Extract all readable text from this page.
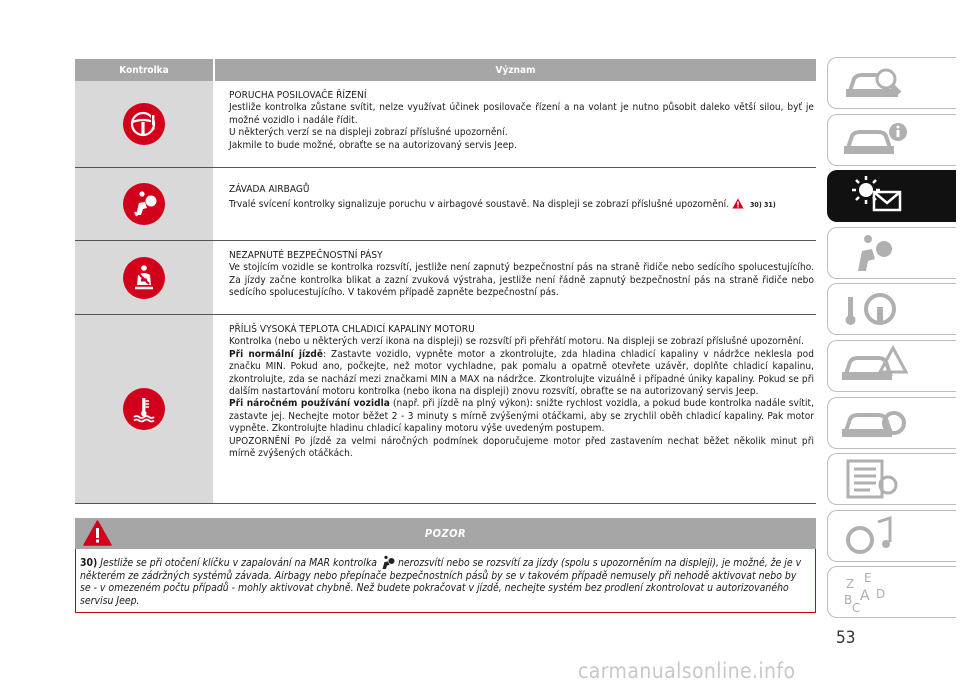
Kontrolka	Význam
PORUCHA POSILOVAČE ŘÍZENÍ

Jestliže kontrolka zůstane svítit, nelze využívat účinek posilovače řízení a na volant je nutno působit daleko větší silou, byť je možné vozidlo i nadále řídit.

U některých verzí se na displeji zobrazí příslušné upozornění.

Jakmile to bude možné, obraťte se na autorizovaný servis Jeep.

ZÁVADA AIRBAGŮ

Trvalé svícení kontrolky signalizuje poruchu v airbagové soustavě. Na displeji se zobrazí příslušné upozornění.	30) 31)

NEZAPNUTÉ BEZPEČNOSTNÍ PÁSY

Ve stojícím vozidle se kontrolka rozsvítí, jestliže není zapnutý bezpečnostní pás na straně řidiče nebo sedícího spolucestujícího. Za jízdy začne kontrolka blikat a zazní zvuková výstraha, jestliže není řádně zapnutý bezpečnostní pás na straně řidiče nebo sedícího spolucestujícího. V takovém případě zapněte bezpečnostní pás.

PŘÍLIŠ VYSOKÁ TEPLOTA CHLADICÍ KAPALINY MOTORU

Kontrolka (nebo u některých verzí ikona na displeji) se rozsvítí při přehřátí motoru. Na displeji se zobrazí příslušné upozornění.

Při normální jízdě: Zastavte vozidlo, vypněte motor a zkontrolujte, zda hladina chladicí kapaliny v nádržce neklesla pod značku MIN. Pokud ano, počkejte, než motor vychladne, pak pomalu a opatrně otevřete uzávěr, doplňte chladicí kapalinu, zkontrolujte, zda se nachází mezi značkami MIN a MAX na nádržce. Zkontrolujte vizuálně i případné úniky kapaliny. Pokud se při dalším nastartování motoru kontrolka (nebo ikona na displeji) znovu rozsvítí, obraťte se na autorizovaný servis Jeep.

Při náročném používání vozidla (např. při jízdě na plný výkon): snižte rychlost vozidla, a pokud bude kontrolka nadále svítit, zastavte jej. Nechejte motor běžet 2 - 3 minuty s mírně zvýšenými otáčkami, aby se zrychlil oběh chladicí kapaliny. Pak motor vypněte. Zkontrolujte hladinu chladicí kapaliny motoru výše uvedeným postupem.

UPOZORNĚNÍ Po jízdě za velmi náročných podmínek doporučujeme motor před zastavením nechat běžet několik minut při mírně zvýšených otáčkách.

POZOR
30) Jestliže se při otočení klíčku v zapalování na MAR kontrolka  nerozsvítí nebo se rozsvítí za jízdy (spolu s upozorněním na displeji), je možné, že je v některém ze zádržných systémů závada. Airbagy nebo přepínače bezpečnostních pásů by se v takovém případě nemusely při nehodě aktivovat nebo by se - v omezeném počtu případů - mohly aktivovat chybně. Než budete pokračovat v jízdě, nechejte systém bez prodlení zkontrolovat u autorizovaného servisu Jeep.
53
Z E
B A D
C
carmanualsonline.info
